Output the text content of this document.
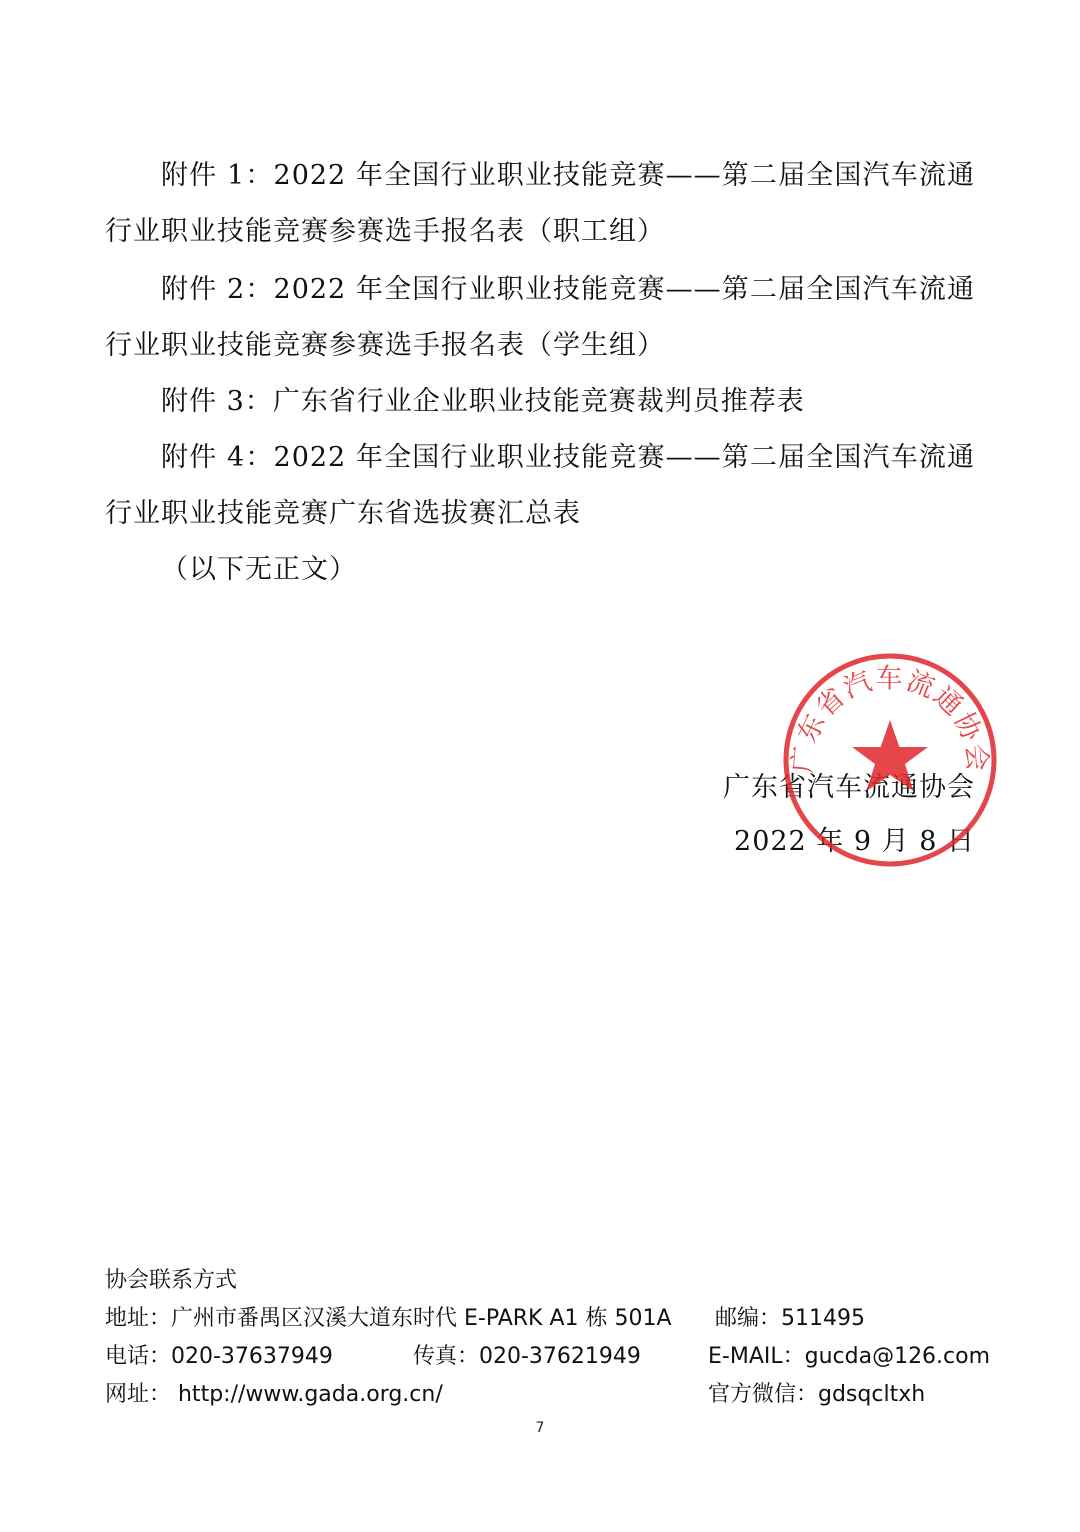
附件 1：2022 年全国行业职业技能竞赛——第二届全国汽车流通行业职业技能竞赛参赛选手报名表（职工组）

附件 2：2022 年全国行业职业技能竞赛——第二届全国汽车流通行业职业技能竞赛参赛选手报名表（学生组）

附件 3：广东省行业企业职业技能竞赛裁判员推荐表

附件 4：2022 年全国行业职业技能竞赛——第二届全国汽车流通行业职业技能竞赛广东省选拔赛汇总表

（以下无正文）

广东省汽车流通协会
2022 年 9 月 8 日
广东省汽车流通协会
协会联系方式
地址：广州市番禺区汉溪大道东时代 E-PARK A1 栋 501A 邮编：511495
电话：020-37637949	传真：020-37621949	E-MAIL：gucda@126.com
网址： http://www.gada.org.cn/	官方微信：gdsqcltxh
7
